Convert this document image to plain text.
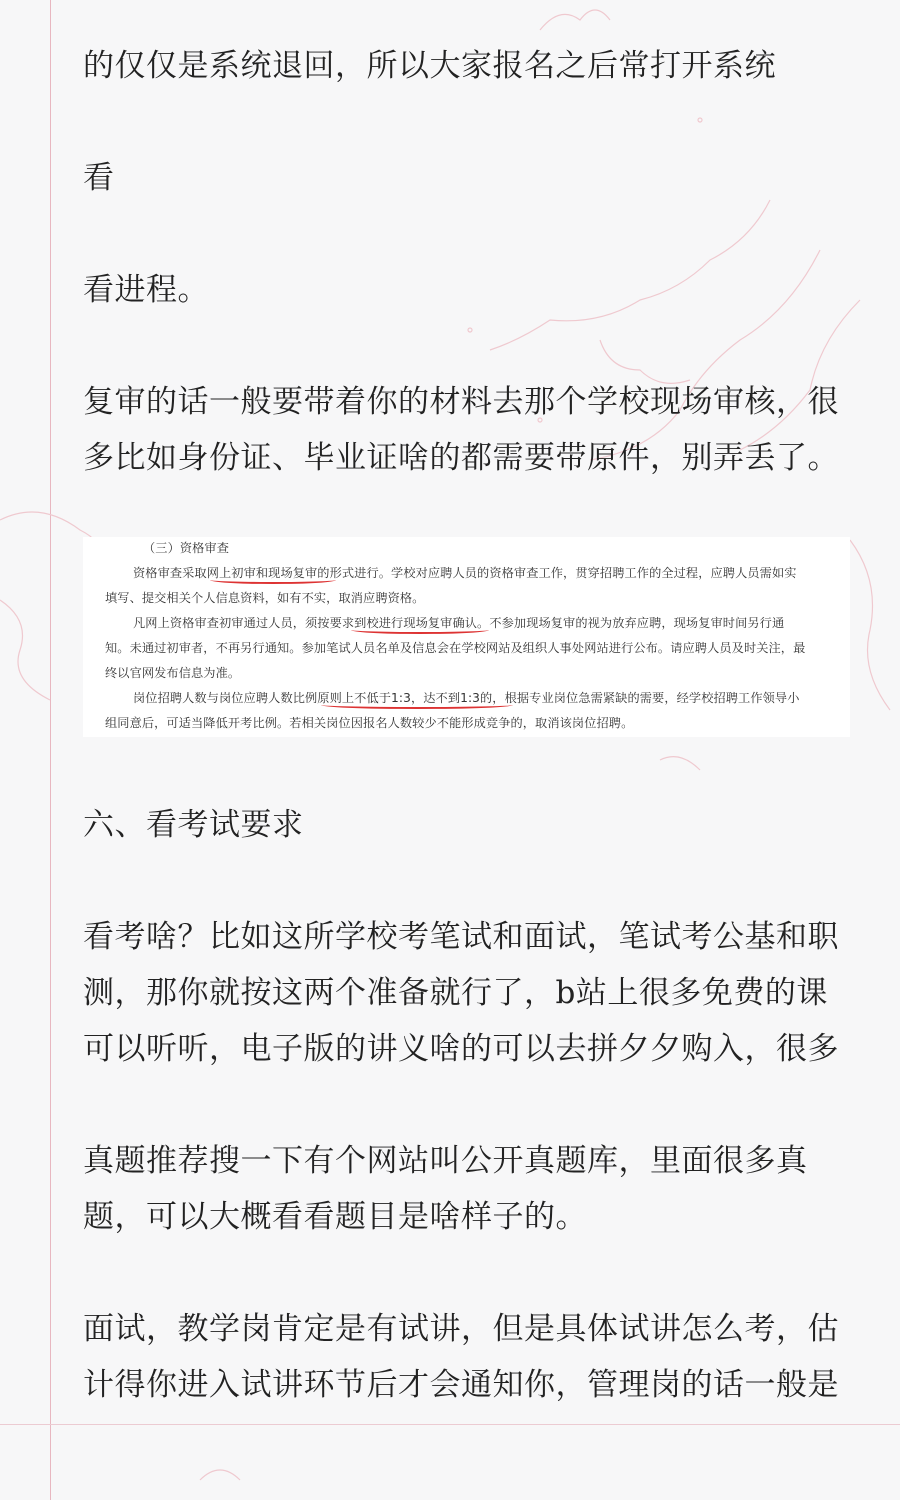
的仅仅是系统退回，所以大家报名之后常打开系统
看
看进程。
复审的话一般要带着你的材料去那个学校现场审核，很
多比如身份证、毕业证啥的都需要带原件，别弄丢了。
（三）资格审查
资格审查采取网上初审和现场复审的形式进行。学校对应聘人员的资格审查工作，贯穿招聘工作的全过程，应聘人员需如实
填写、提交相关个人信息资料，如有不实，取消应聘资格。
凡网上资格审查初审通过人员，须按要求到校进行现场复审确认。不参加现场复审的视为放弃应聘，现场复审时间另行通
知。未通过初审者，不再另行通知。参加笔试人员名单及信息会在学校网站及组织人事处网站进行公布。请应聘人员及时关注，最
终以官网发布信息为准。
岗位招聘人数与岗位应聘人数比例原则上不低于1:3，达不到1:3的，根据专业岗位急需紧缺的需要，经学校招聘工作领导小
组同意后，可适当降低开考比例。若相关岗位因报名人数较少不能形成竞争的，取消该岗位招聘。
六、看考试要求
看考啥？比如这所学校考笔试和面试，笔试考公基和职
测，那你就按这两个准备就行了，b站上很多免费的课
可以听听，电子版的讲义啥的可以去拼夕夕购入，很多
真题推荐搜一下有个网站叫公开真题库，里面很多真
题，可以大概看看题目是啥样子的。
面试，教学岗肯定是有试讲，但是具体试讲怎么考，估
计得你进入试讲环节后才会通知你，管理岗的话一般是
